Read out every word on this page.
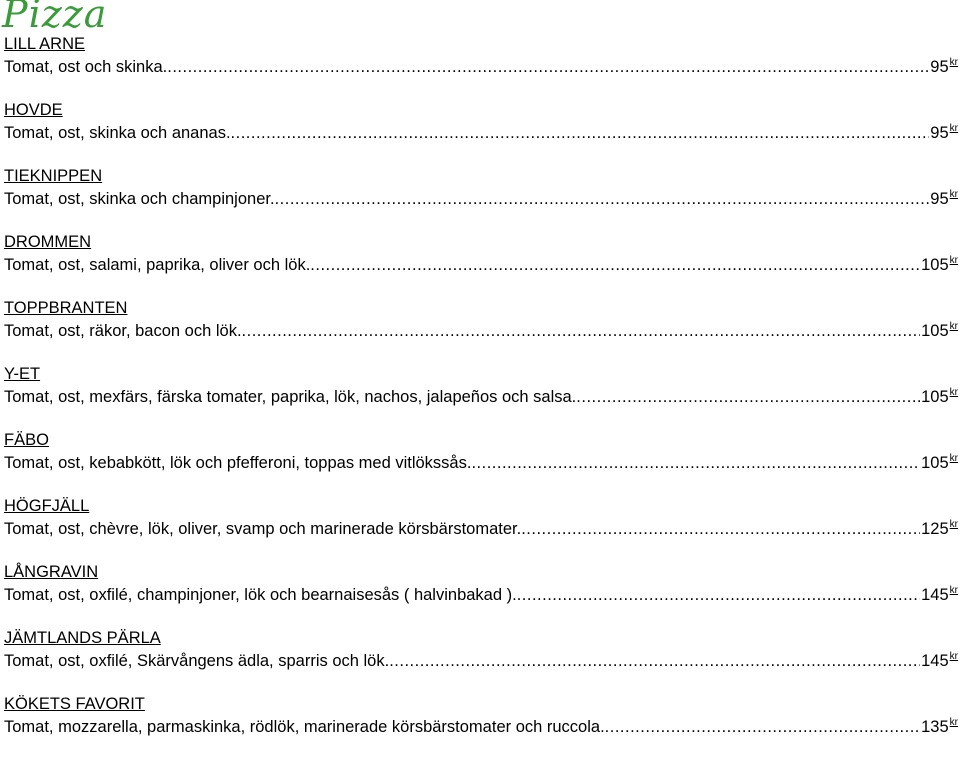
Pizza
LILL ARNE
Tomat, ost och skinka. .....	95 kr
HOVDE
Tomat, ost, skinka och ananas. .....	95 kr
TIEKNIPPEN
Tomat, ost, skinka och champinjoner. .....	95 kr
DROMMEN
Tomat, ost, salami, paprika, oliver och lök. .....	105 kr
TOPPBRANTEN
Tomat, ost, räkor, bacon och lök. .....	105 kr
Y-ET
Tomat, ost, mexfärs, färska tomater, paprika, lök, nachos, jalapeños och salsa. .....	105 kr
FÄBO
Tomat, ost, kebabkött, lök och pfefferoni, toppas med vitlökssås. .....	105 kr
HÖGFJÄLL
Tomat, ost, chèvre, lök, oliver, svamp och marinerade körsbärstomater. .....	125 kr
LÅNGRAVIN
Tomat, ost, oxfilé, champinjoner, lök och bearnaisesås ( halvinbakad ). .....	145 kr
JÄMTLANDS PÄRLA
Tomat, ost, oxfilé, Skärvångens ädla, sparris och lök. .....	145 kr
KÖKETS FAVORIT
Tomat, mozzarella, parmaskinka, rödlök, marinerade körsbärstomater och ruccola. .....	135 kr
